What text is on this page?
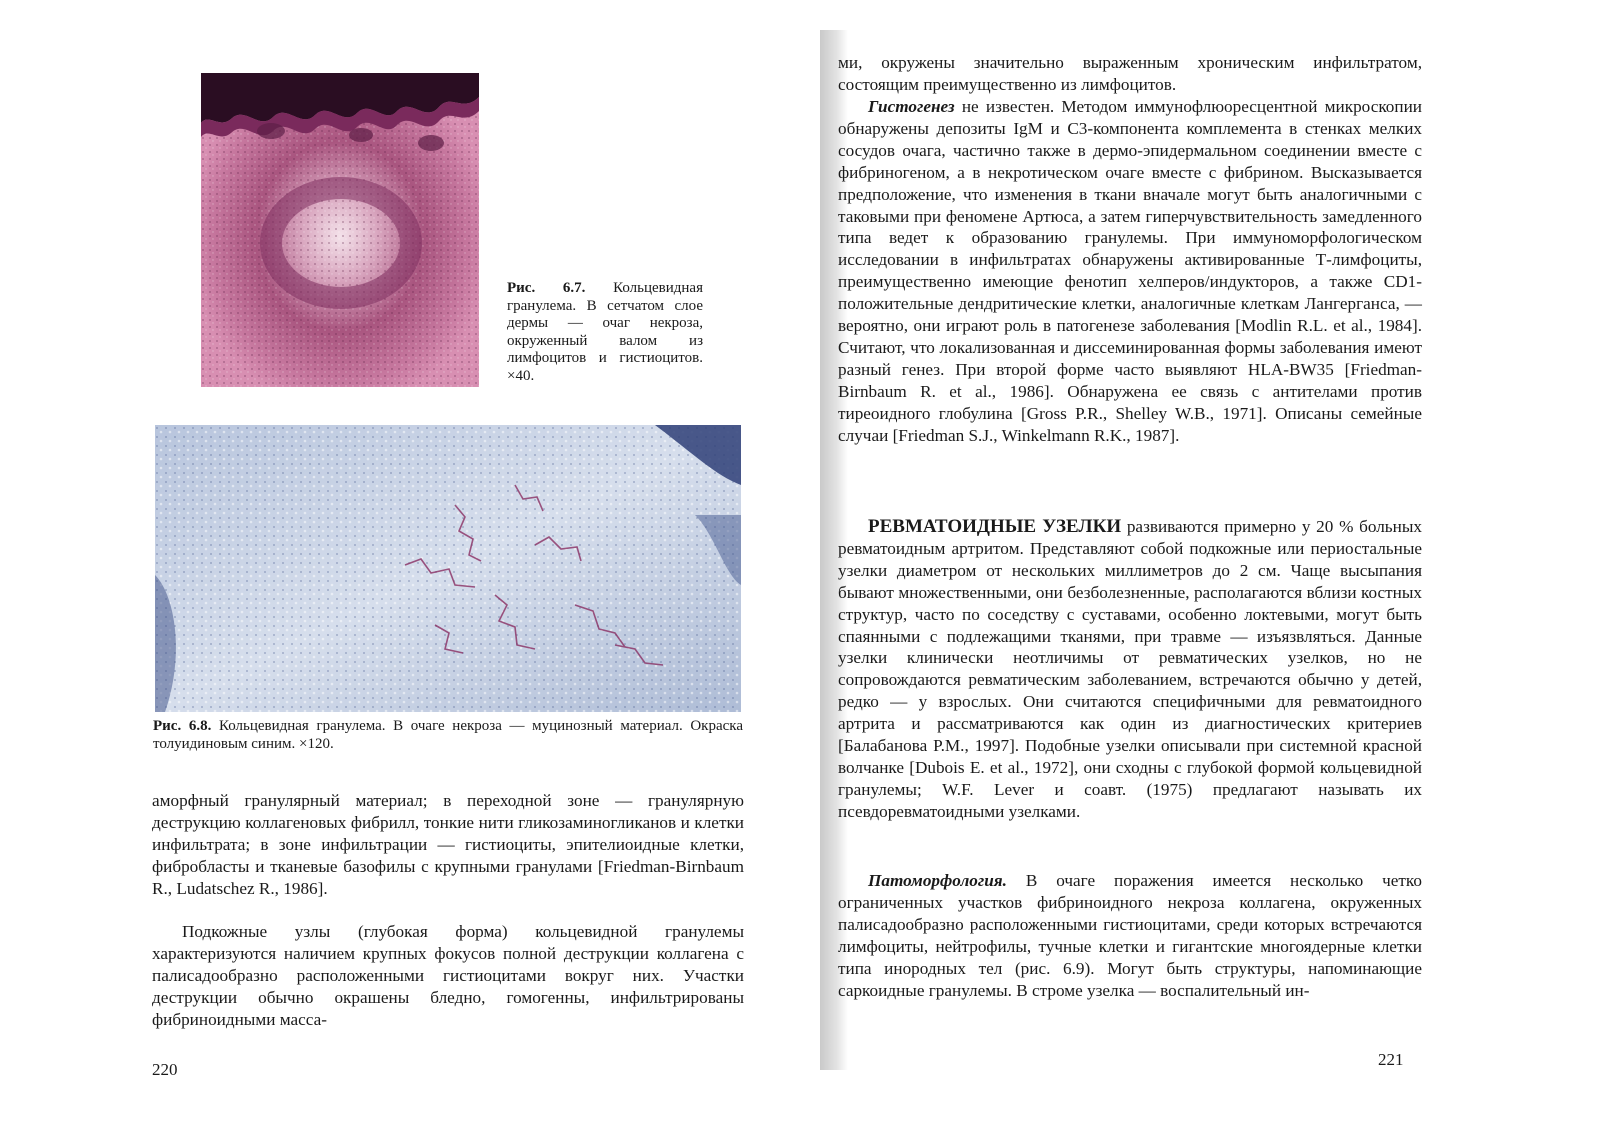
Рис. 6.7. Кольцевидная гранулема. В сетчатом слое дермы — очаг некроза, окруженный валом из лимфоцитов и гистиоцитов. ×40.

Рис. 6.8. Кольцевидная гранулема. В очаге некроза — муцинозный материал. Окраска толуидиновым синим. ×120.

аморфный гранулярный материал; в переходной зоне — гранулярную деструкцию коллагеновых фибрилл, тонкие нити гликозаминогликанов и клетки инфильтрата; в зоне инфильтрации — гистиоциты, эпителиоидные клетки, фибробласты и тканевые базофилы с крупными гранулами [Friedman-Birnbaum R., Ludatschez R., 1986].

Подкожные узлы (глубокая форма) кольцевидной гранулемы характеризуются наличием крупных фокусов полной деструкции коллагена с палисадообразно расположенными гистиоцитами вокруг них. Участки деструкции обычно окрашены бледно, гомогенны, инфильтрированы фибриноидными масса-

220

ми, окружены значительно выраженным хроническим инфильтратом, состоящим преимущественно из лимфоцитов.

Гистогенез не известен. Методом иммунофлюоресцентной микроскопии обнаружены депозиты IgM и C3-компонента комплемента в стенках мелких сосудов очага, частично также в дермо-эпидермальном соединении вместе с фибриногеном, а в некротическом очаге вместе с фибрином. Высказывается предположение, что изменения в ткани вначале могут быть аналогичными с таковыми при феномене Артюса, а затем гиперчувствительность замедленного типа ведет к образованию гранулемы. При иммуноморфологическом исследовании в инфильтратах обнаружены активированные Т-лимфоциты, преимущественно имеющие фенотип хелперов/индукторов, а также CD1-положительные дендритические клетки, аналогичные клеткам Лангерганса, — вероятно, они играют роль в патогенезе заболевания [Modlin R.L. et al., 1984]. Считают, что локализованная и диссеминированная формы заболевания имеют разный генез. При второй форме часто выявляют HLA-BW35 [Friedman-Birnbaum R. et al., 1986]. Обнаружена ее связь с антителами против тиреоидного глобулина [Gross P.R., Shelley W.B., 1971]. Описаны семейные случаи [Friedman S.J., Winkelmann R.K., 1987].

РЕВМАТОИДНЫЕ УЗЕЛКИ развиваются примерно у 20 % больных ревматоидным артритом. Представляют собой подкожные или периостальные узелки диаметром от нескольких миллиметров до 2 см. Чаще высыпания бывают множественными, они безболезненные, располагаются вблизи костных структур, часто по соседству с суставами, особенно локтевыми, могут быть спаянными с подлежащими тканями, при травме — изъязвляться. Данные узелки клинически неотличимы от ревматических узелков, но не сопровождаются ревматическим заболеванием, встречаются обычно у детей, редко — у взрослых. Они считаются специфичными для ревматоидного артрита и рассматриваются как один из диагностических критериев [Балабанова Р.М., 1997]. Подобные узелки описывали при системной красной волчанке [Dubois E. et al., 1972], они сходны с глубокой формой кольцевидной гранулемы; W.F. Lever и соавт. (1975) предлагают называть их псевдоревматоидными узелками.

Патоморфология. В очаге поражения имеется несколько четко ограниченных участков фибриноидного некроза коллагена, окруженных палисадообразно расположенными гистиоцитами, среди которых встречаются лимфоциты, нейтрофилы, тучные клетки и гигантские многоядерные клетки типа инородных тел (рис. 6.9). Могут быть структуры, напоминающие саркоидные гранулемы. В строме узелка — воспалительный ин-

221
